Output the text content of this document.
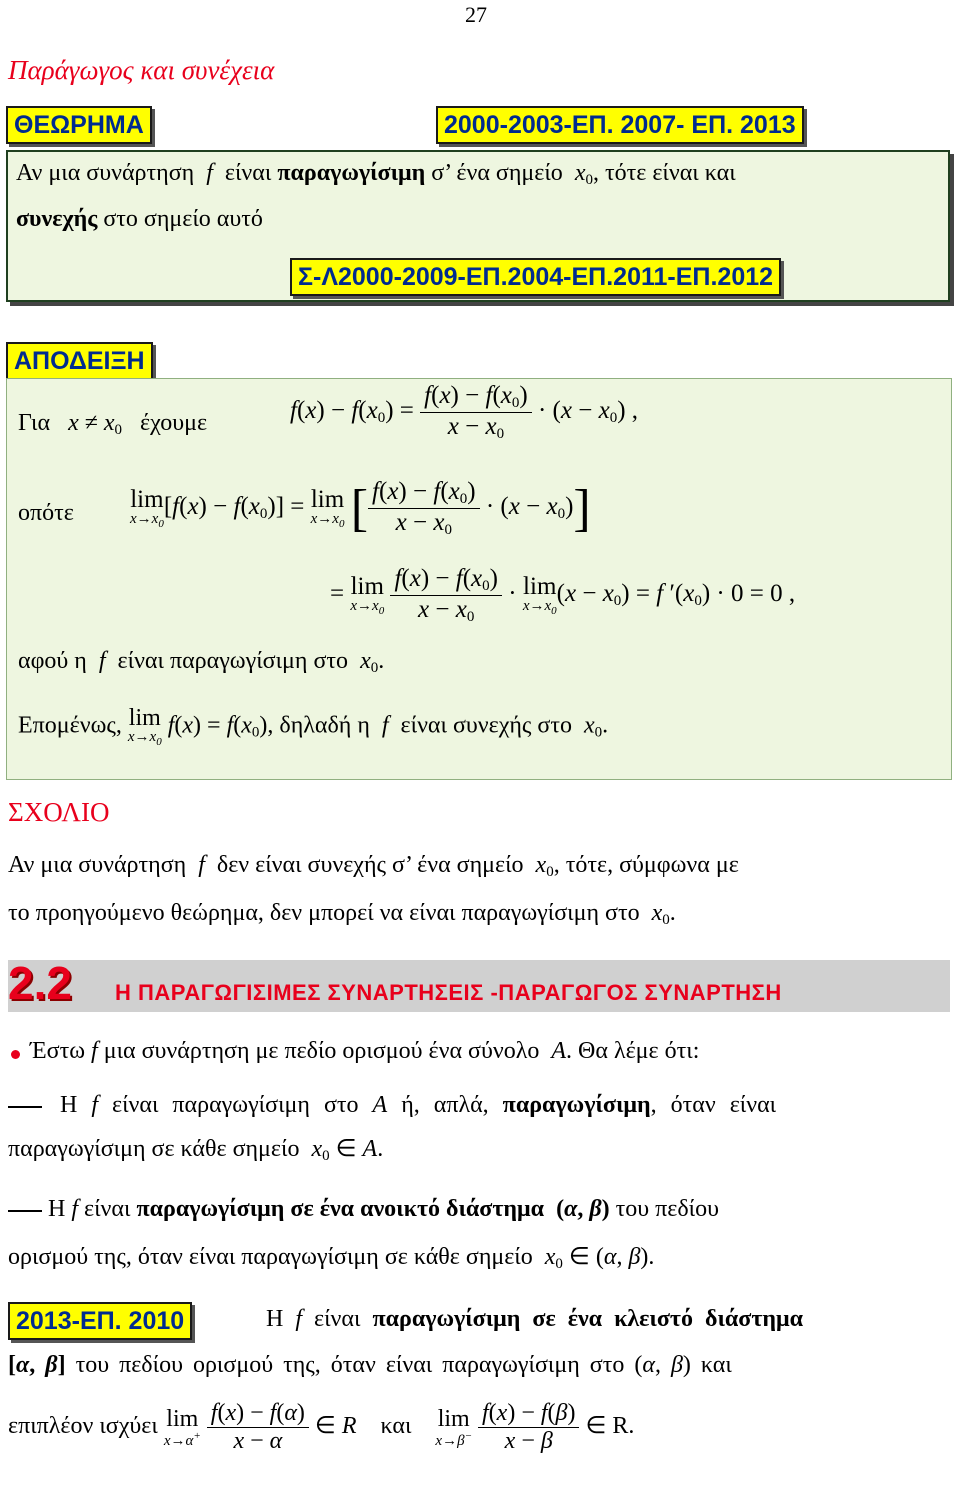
27
Παράγωγος και συνέχεια
ΘΕΩΡΗΜΑ	2000-2003-ΕΠ. 2007- ΕΠ. 2013
Αν μια συνάρτηση  f  είναι παραγωγίσιμη σ’ ένα σημείο  $x_0$, τότε είναι και
συνεχής στο σημείο αυτό
Σ-Λ2000-2009-ΕΠ.2004-ΕΠ.2011-ΕΠ.2012
ΑΠΟΔΕΙΞΗ
Για   $x \ne x_0$ έχουμε	$f(x) - f(x_0) = \frac{f(x) - f(x_0)}{x - x_0} \cdot (x - x_0)$ ,
οπότε lim
$x\to x_0$
$[f(x) - f(x_0)] = \lim$
$x\to x_0$ [ $\frac{f(x) - f(x_0)}{x - x_0} \cdot (x - x_0)$]
= lim
$x\to x_0$
$\frac{f(x) - f(x_0)}{x - x_0} \cdot \lim$
$x\to x_0$
$(x - x_0) = f$ $'(x_0) \cdot 0 = 0$ ,
αφού η  f  είναι παραγωγίσιμη στο  $x_0$.
Επομένως, lim
$x\to x_0$
$f(x) = f(x_0)$, δηλαδή η  f  είναι συνεχής στο  $x_0$.
ΣΧΟΛΙΟ
Αν μια συνάρτηση  f  δεν είναι συνεχής σ’ ένα σημείο  $x_0$, τότε, σύμφωνα με
το προηγούμενο θεώρημα, δεν μπορεί να είναι παραγωγίσιμη στο  $x_0$.
2.2 Η ΠΑΡΑΓΩΓΙΣΙΜΕΣ ΣΥΝΑΡΤΗΣΕΙΣ -ΠΑΡΑΓΩΓΟΣ ΣΥΝΑΡΤΗΣΗ
Έστω f μια συνάρτηση με πεδίο ορισμού ένα σύνολο  Α. Θα λέμε ότι:
Η f είναι παραγωγίσιμη στο Α ή, απλά, παραγωγίσιμη, όταν είναι
παραγωγίσιμη σε κάθε σημείο  $x_0$ ∈ Α.
Η f είναι παραγωγίσιμη σε ένα ανοικτό διάστημα (α, β) του πεδίου
ορισμού της, όταν είναι παραγωγίσιμη σε κάθε σημείο  $x_0$ ∈ (α, β).
2013-ΕΠ. 2010	Η f είναι παραγωγίσιμη σε ένα κλειστό διάστημα
[α, β] του πεδίου ορισμού της, όταν είναι παραγωγίσιμη στο (α, β) και
επιπλέον ισχύει lim
x→α+
$\frac{f(x) - f(\alpha)}{x - \alpha}$ ∈ R και lim
x→β−
$\frac{f(x) - f(\beta)}{x - \beta}$ ∈ R.
